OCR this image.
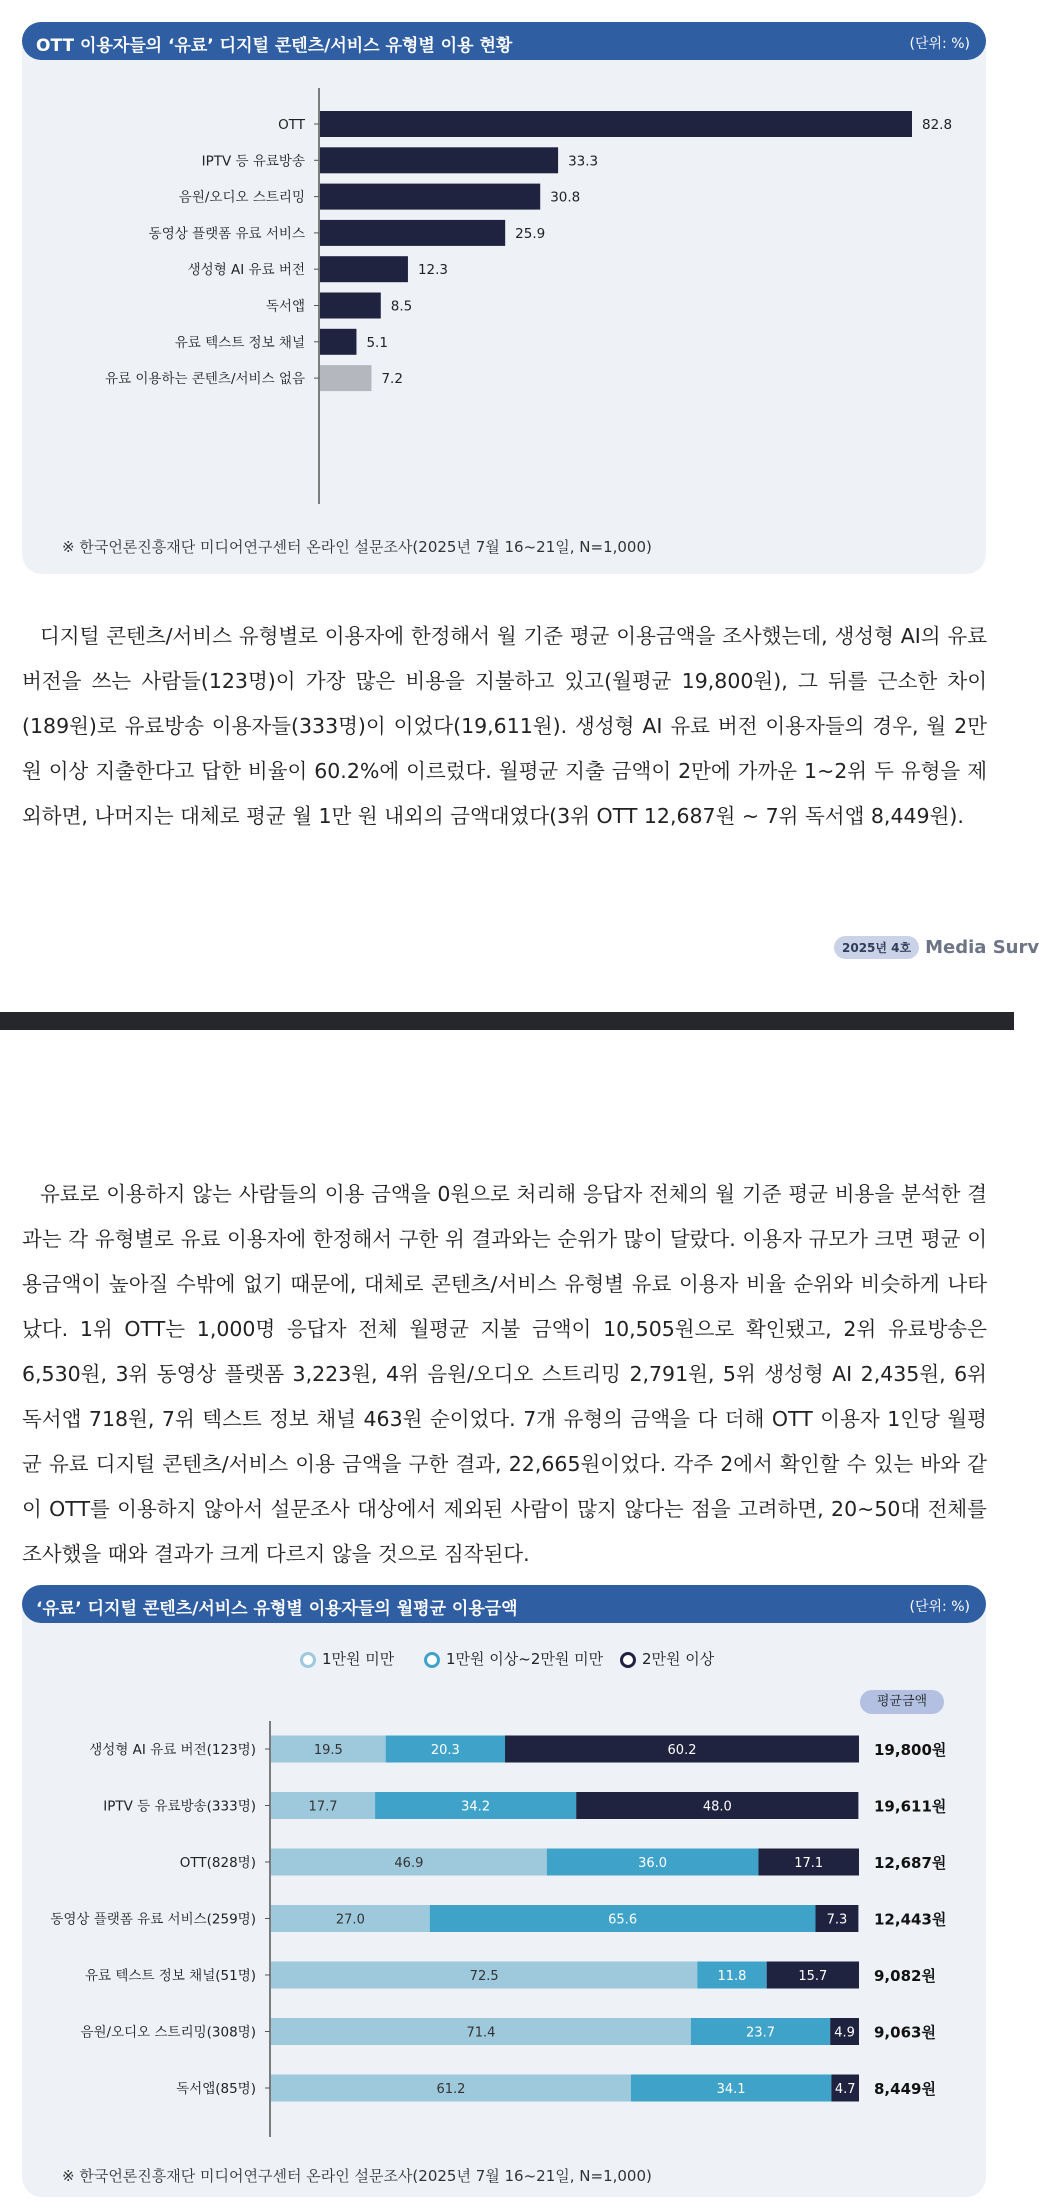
OTT 이용자들의 ‘유료’ 디지털 콘텐츠/서비스 유형별 이용 현황	(단위: %)
OTT	82.8
IPTV 등 유료방송	33.3
음원/오디오 스트리밍	30.8
동영상 플랫폼 유료 서비스	25.9
생성형 AI 유료 버전	12.3
독서앱	8.5
유료 텍스트 정보 채널	5.1
유료 이용하는 콘텐츠/서비스 없음	7.2
※ 한국언론진흥재단 미디어연구센터 온라인 설문조사(2025년 7월 16~21일, N=1,000)

디지털 콘텐츠/서비스 유형별로 이용자에 한정해서 월 기준 평균 이용금액을 조사했는데, 생성형 AI의 유료 버전을 쓰는 사람들(123명)이 가장 많은 비용을 지불하고 있고(월평균 19,800원), 그 뒤를 근소한 차이(189원)로 유료방송 이용자들(333명)이 이었다(19,611원). 생성형 AI 유료 버전 이용자들의 경우, 월 2만 원 이상 지출한다고 답한 비율이 60.2%에 이르렀다. 월평균 지출 금액이 2만에 가까운 1~2위 두 유형을 제외하면, 나머지는 대체로 평균 월 1만 원 내외의 금액대였다(3위 OTT 12,687원 ~ 7위 독서앱 8,449원).

2025년 4호 Media Surv

유료로 이용하지 않는 사람들의 이용 금액을 0원으로 처리해 응답자 전체의 월 기준 평균 비용을 분석한 결과는 각 유형별로 유료 이용자에 한정해서 구한 위 결과와는 순위가 많이 달랐다. 이용자 규모가 크면 평균 이용금액이 높아질 수밖에 없기 때문에, 대체로 콘텐츠/서비스 유형별 유료 이용자 비율 순위와 비슷하게 나타났다. 1위 OTT는 1,000명 응답자 전체 월평균 지불 금액이 10,505원으로 확인됐고, 2위 유료방송은 6,530원, 3위 동영상 플랫폼 3,223원, 4위 음원/오디오 스트리밍 2,791원, 5위 생성형 AI 2,435원, 6위 독서앱 718원, 7위 텍스트 정보 채널 463원 순이었다. 7개 유형의 금액을 다 더해 OTT 이용자 1인당 월평균 유료 디지털 콘텐츠/서비스 이용 금액을 구한 결과, 22,665원이었다. 각주 2에서 확인할 수 있는 바와 같이 OTT를 이용하지 않아서 설문조사 대상에서 제외된 사람이 많지 않다는 점을 고려하면, 20~50대 전체를 조사했을 때와 결과가 크게 다르지 않을 것으로 짐작된다.

‘유료’ 디지털 콘텐츠/서비스 유형별 이용자들의 월평균 이용금액	(단위: %)
생성형 AI 유료 버전(123명)	19.5	20.3	60.2	19,800원
IPTV 등 유료방송(333명)	17.7	34.2	48.0	19,611원
OTT(828명)	46.9	36.0	17.1	12,687원
동영상 플랫폼 유료 서비스(259명)	27.0	65.6	7.3 12,443원
유료 텍스트 정보 채널(51명)	72.5	11.8	15.7	9,082원
음원/오디오 스트리밍(308명)	71.4	23.7	4.9 9,063원
독서앱(85명)	61.2	34.1	4.7 8,449원
※ 한국언론진흥재단 미디어연구센터 온라인 설문조사(2025년 7월 16~21일, N=1,000)
1만원 미만	1만원 이상~2만원 미만	2만원 이상
평균금액
